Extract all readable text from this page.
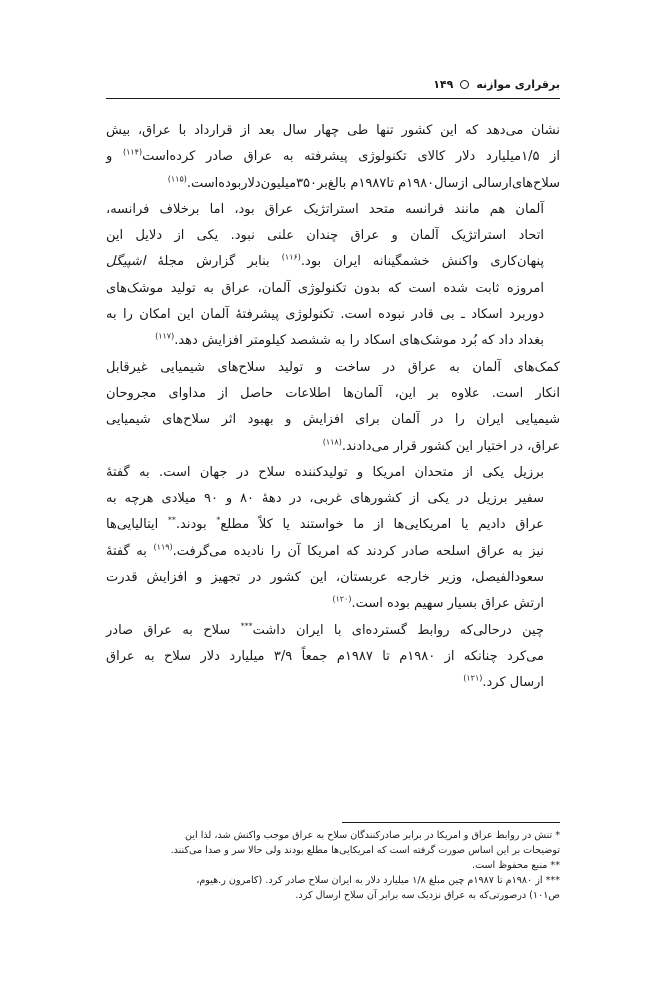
برقراری موازنه
۱۴۹

نشان می‌دهد که این کشور تنها طی چهار سال بعد از قرارداد با عراق، بیش
از ۱/۵میلیارد دلار کالای تکنولوژی پیشرفته به عراق صادر کرده‌است$^{(۱۱۴)}$ و
سلاح‌های‌ارسالی ازسال۱۹۸۰م تا۱۹۸۷م بالغ‌بر۳۵۰میلیون‌دلاربوده‌است.$^{(۱۱۵)}$

آلمان هم مانند فرانسه متحد استراتژیک عراق بود، اما برخلاف فرانسه،
اتحاد استراتژیک آلمان و عراق چندان علنی نبود. یکی از دلایل این
پنهان‌کاری واکنش خشمگینانه ایران بود.$^{(۱۱۶)}$ بنابر گزارش مجلهٔ اشپیگل
امروزه ثابت شده است که بدون تکنولوژی آلمان، عراق به تولید موشک‌های
دوربرد اسکاد ـ بی قادر نبوده است. تکنولوژی پیشرفتهٔ آلمان این امکان را به
بغداد داد که بُرد موشک‌های اسکاد را به ششصد کیلومتر افزایش دهد.$^{(۱۱۷)}$

کمک‌های آلمان به عراق در ساخت و تولید سلاح‌های شیمیایی غیرقابل
انکار است. علاوه بر این، آلمان‌ها اطلاعات حاصل از مداوای مجروحان
شیمیایی ایران را در آلمان برای افزایش و بهبود اثر سلاح‌های شیمیایی
عراق، در اختیار این کشور قرار می‌دادند.$^{(۱۱۸)}$

برزیل یکی از متحدان امریکا و تولیدکننده سلاح در جهان است. به گفتهٔ
سفیر برزیل در یکی از کشورهای غربی، در دههٔ ۸۰ و ۹۰ میلادی هرچه به
عراق دادیم یا امریکایی‌ها از ما خواستند یا کلاً مطلع* بودند.** ایتالیایی‌ها
نیز به عراق اسلحه صادر کردند که امریکا آن را نادیده می‌گرفت.$^{(۱۱۹)}$ به گفتهٔ
سعودالفیصل، وزیر خارجه عربستان، این کشور در تجهیز و افزایش قدرت
ارتش عراق بسیار سهیم بوده است.$^{(۱۲۰)}$

چین درحالی‌که روابط گسترده‌ای با ایران داشت*** سلاح به عراق صادر
می‌کرد چنانکه از ۱۹۸۰م تا ۱۹۸۷م جمعاً ۳/۹ میلیارد دلار سلاح به عراق
ارسال کرد.$^{(۱۲۱)}$

* تنش در روابط عراق و امریکا در برابر صادرکنندگان سلاح به عراق موجب واکنش شد، لذا این
توضیحات بر این اساس صورت گرفته است که امریکایی‌ها مطلع بودند ولی حالا سر و صدا می‌کنند.
** منبع محفوظ است.
*** از ۱۹۸۰م تا ۱۹۸۷م چین مبلغ ۱/۸ میلیارد دلار به ایران سلاح صادر کرد. (کامرون ر.هیوم،
ص۱۰۱) درصورتی‌که به عراق نزدیک سه برابر آن سلاح ارسال کرد.
